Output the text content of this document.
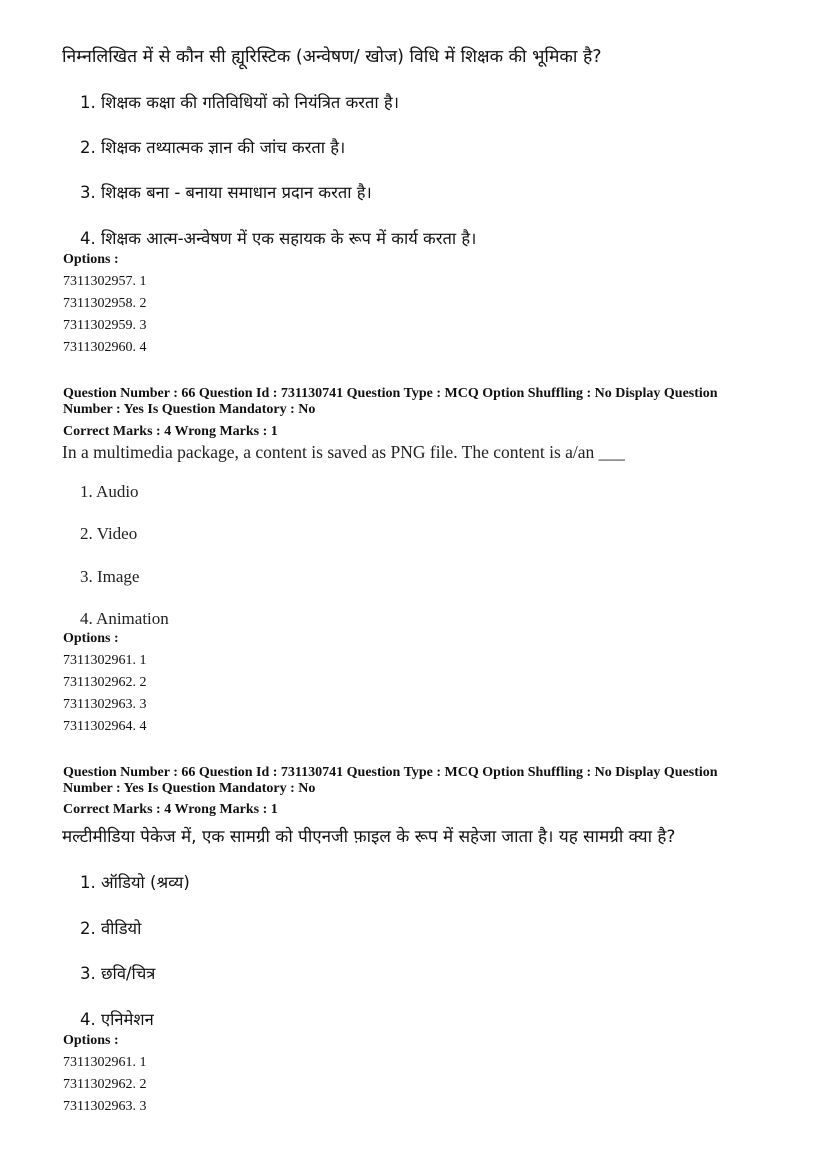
निम्नलिखित में से कौन सी ह्यूरिस्टिक (अन्वेषण/ खोज) विधि में शिक्षक की भूमिका है?
1. शिक्षक कक्षा की गतिविधियों को नियंत्रित करता है।
2. शिक्षक तथ्यात्मक ज्ञान की जांच करता है।
3. शिक्षक बना - बनाया समाधान प्रदान करता है।
4. शिक्षक आत्म-अन्वेषण में एक सहायक के रूप में कार्य करता है।
Options :
7311302957. 1
7311302958. 2
7311302959. 3
7311302960. 4
Question Number : 66 Question Id : 731130741 Question Type : MCQ Option Shuffling : No Display Question
Number : Yes Is Question Mandatory : No
Correct Marks : 4 Wrong Marks : 1
In a multimedia package, a content is saved as PNG file. The content is a/an ___
1. Audio
2. Video
3. Image
4. Animation
Options :
7311302961. 1
7311302962. 2
7311302963. 3
7311302964. 4
Question Number : 66 Question Id : 731130741 Question Type : MCQ Option Shuffling : No Display Question
Number : Yes Is Question Mandatory : No
Correct Marks : 4 Wrong Marks : 1
मल्टीमीडिया पेकेज में, एक सामग्री को पीएनजी फ़ाइल के रूप में सहेजा जाता है। यह सामग्री क्या है?
1. ऑडियो (श्रव्य)
2. वीडियो
3. छवि/चित्र
4. एनिमेशन
Options :
7311302961. 1
7311302962. 2
7311302963. 3
